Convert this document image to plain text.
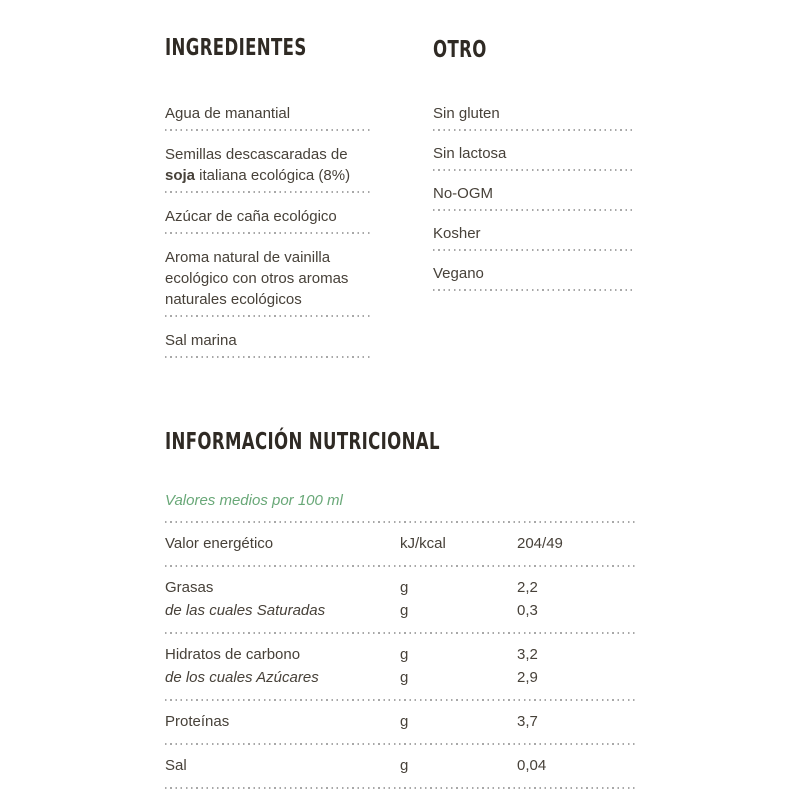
INGREDIENTES

Agua de manantial

Semillas descascaradas de soja italiana ecológica (8%)

Azúcar de caña ecológico

Aroma natural de vainilla ecológico con otros aromas naturales ecológicos

Sal marina

OTRO

Sin gluten

Sin lactosa

No-OGM

Kosher

Vegano

INFORMACIÓN NUTRICIONAL

Valores medios por 100 ml

Valor energético	kJ/kcal	204/49
Grasas	g	2,2
de las cuales Saturadas	g	0,3
Hidratos de carbono	g	3,2
de los cuales Azúcares	g	2,9
Proteínas	g	3,7
Sal	g	0,04
